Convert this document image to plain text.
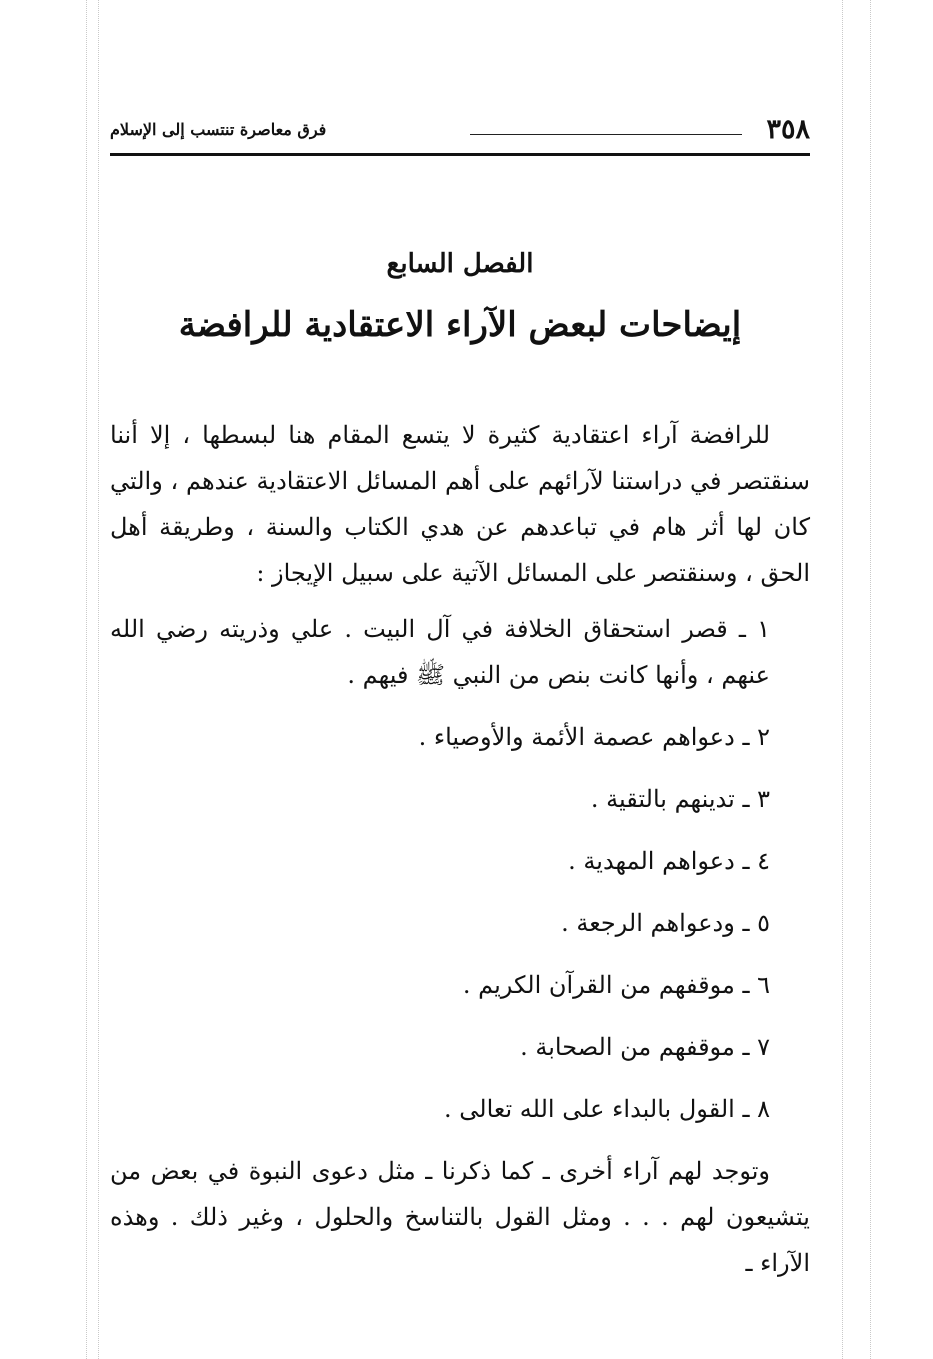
٣٥٨
فرق معاصرة تنتسب إلى الإسلام
الفصل السابع
إيضاحات لبعض الآراء الاعتقادية للرافضة

للرافضة آراء اعتقادية كثيرة لا يتسع المقام هنا لبسطها ، إلا أننا سنقتصر في دراستنا لآرائهم على أهم المسائل الاعتقادية عندهم ، والتي كان لها أثر هام في تباعدهم عن هدي الكتاب والسنة ، وطريقة أهل الحق ، وسنقتصر على المسائل الآتية على سبيل الإيجاز :

١ ـ قصر استحقاق الخلافة في آل البيت . علي وذريته رضي الله عنهم ، وأنها كانت بنص من النبي ﷺ فيهم .

٢ ـ دعواهم عصمة الأئمة والأوصياء .

٣ ـ تدينهم بالتقية .

٤ ـ دعواهم المهدية .

٥ ـ ودعواهم الرجعة .

٦ ـ موقفهم من القرآن الكريم .

٧ ـ موقفهم من الصحابة .

٨ ـ القول بالبداء على الله تعالى .

وتوجد لهم آراء أخرى ـ كما ذكرنا ـ مثل دعوى النبوة في بعض من يتشيعون لهم . . . ومثل القول بالتناسخ والحلول ، وغير ذلك . وهذه الآراء ـ
